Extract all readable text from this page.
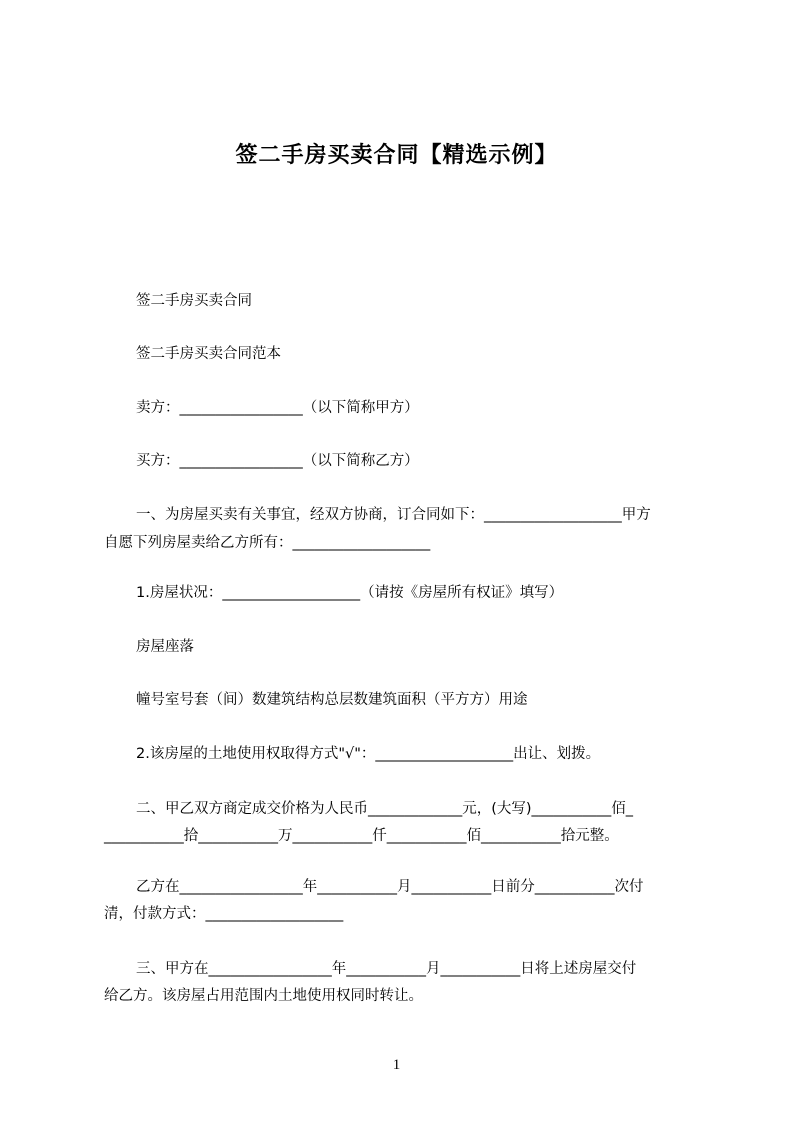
签二手房买卖合同【精选示例】
签二手房买卖合同
签二手房买卖合同范本
卖方：_________________（以下简称甲方）
买方：_________________（以下简称乙方）
一、为房屋买卖有关事宜，经双方协商，订合同如下：___________________甲方
自愿下列房屋卖给乙方所有：___________________
1.房屋状况：___________________（请按《房屋所有权证》填写）
房屋座落
幢号室号套（间）数建筑结构总层数建筑面积（平方方）用途
2.该房屋的土地使用权取得方式"√"：___________________出让、划拨。
二、甲乙双方商定成交价格为人民币_____________元，(大写)___________佰_
___________拾___________万___________仟___________佰___________拾元整。
乙方在_________________年___________月___________日前分___________次付
清，付款方式：___________________
三、甲方在_________________年___________月___________日将上述房屋交付
给乙方。该房屋占用范围内土地使用权同时转让。
1
